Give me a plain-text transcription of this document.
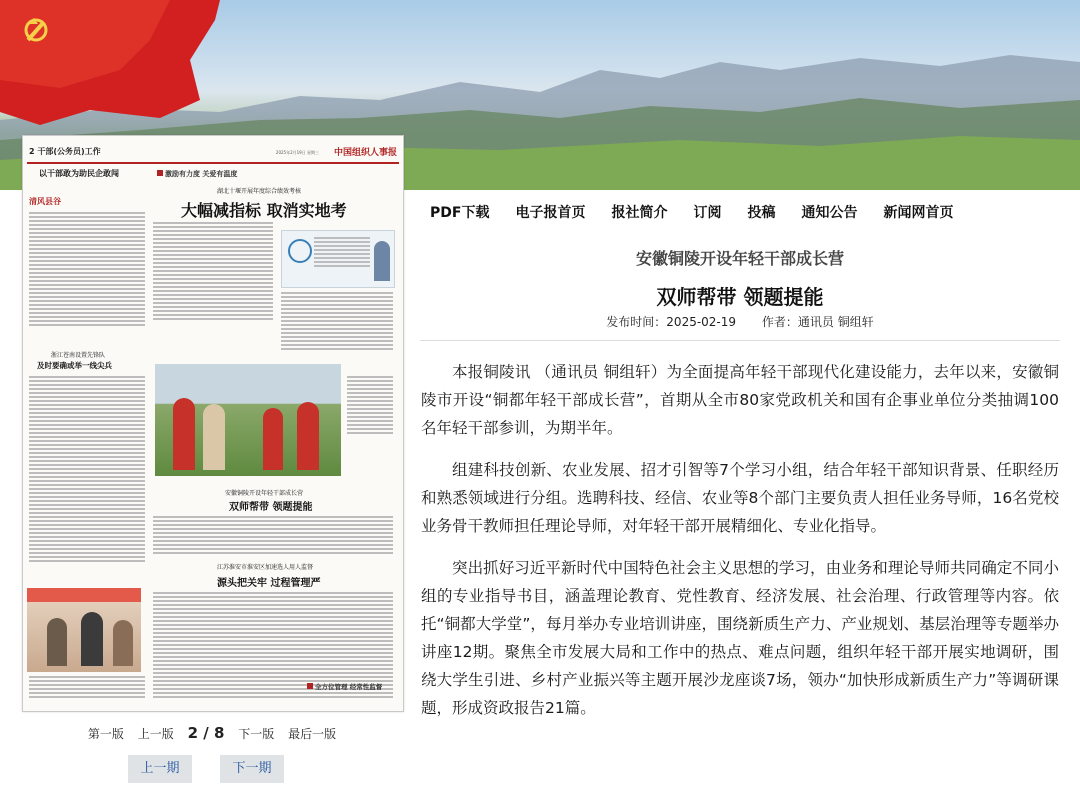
2 干部(公务员)工作	2025年2月19日 星期三 中国组织人事报
以干部敢为助民企敢闯
清风县谷
浙江苍南设置先锋队
及时要确或举一线尖兵
激励有力度 关爱有温度
湖北十堰开展年度综合绩效考核
大幅减指标 取消实地考
安徽铜陵开设年轻干部成长营
双师帮带 领题提能
江苏淮安市淮安区加速选人用人监督
源头把关牢 过程管理严
全方位管理 经常性监督
PDF下载 电子报首页 报社简介 订阅 投稿 通知公告 新闻网首页
安徽铜陵开设年轻干部成长营
双师帮带 领题提能
发布时间：2025-02-19 作者：通讯员 铜组轩

本报铜陵讯 （通讯员 铜组轩）为全面提高年轻干部现代化建设能力，去年以来，安徽铜陵市开设“铜都年轻干部成长营”，首期从全市80家党政机关和国有企事业单位分类抽调100名年轻干部参训，为期半年。

组建科技创新、农业发展、招才引智等7个学习小组，结合年轻干部知识背景、任职经历和熟悉领域进行分组。选聘科技、经信、农业等8个部门主要负责人担任业务导师，16名党校业务骨干教师担任理论导师，对年轻干部开展精细化、专业化指导。

突出抓好习近平新时代中国特色社会主义思想的学习，由业务和理论导师共同确定不同小组的专业指导书目，涵盖理论教育、党性教育、经济发展、社会治理、行政管理等内容。依托“铜都大学堂”，每月举办专业培训讲座，围绕新质生产力、产业规划、基层治理等专题举办讲座12期。聚焦全市发展大局和工作中的热点、难点问题，组织年轻干部开展实地调研，围绕大学生引进、乡村产业振兴等主题开展沙龙座谈7场，领办“加快形成新质生产力”等调研课题，形成资政报告21篇。

第一版 上一版 2 / 8 下一版 最后一版
上一期	下一期
